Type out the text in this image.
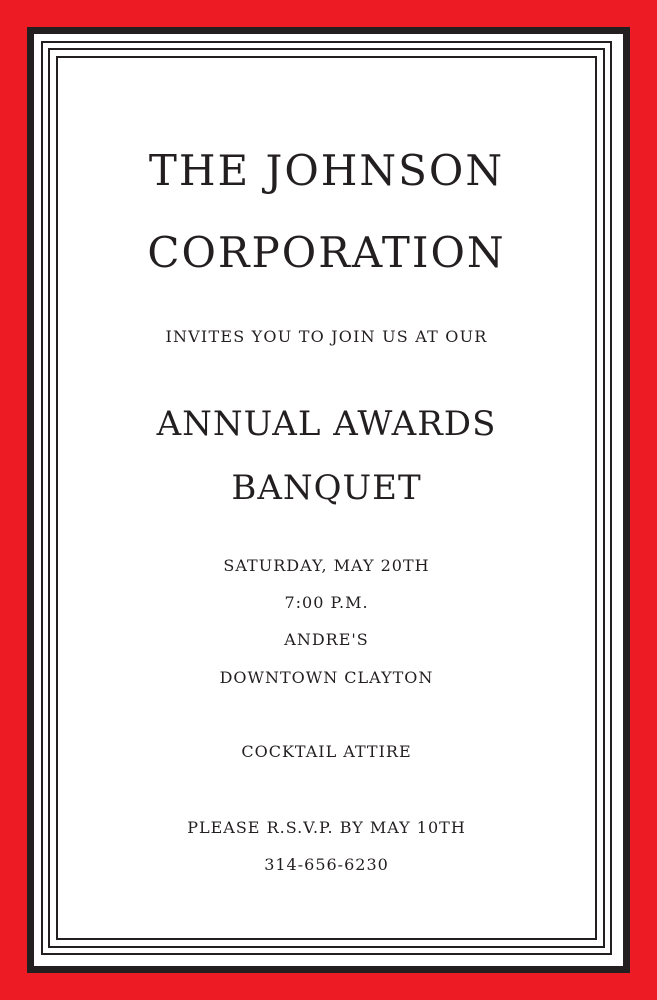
THE JOHNSON
CORPORATION
INVITES YOU TO JOIN US AT OUR
ANNUAL AWARDS
BANQUET
SATURDAY, MAY 20TH
7:00 P.M.
ANDRE'S
DOWNTOWN CLAYTON
COCKTAIL ATTIRE
PLEASE R.S.V.P. BY MAY 10TH
314-656-6230
